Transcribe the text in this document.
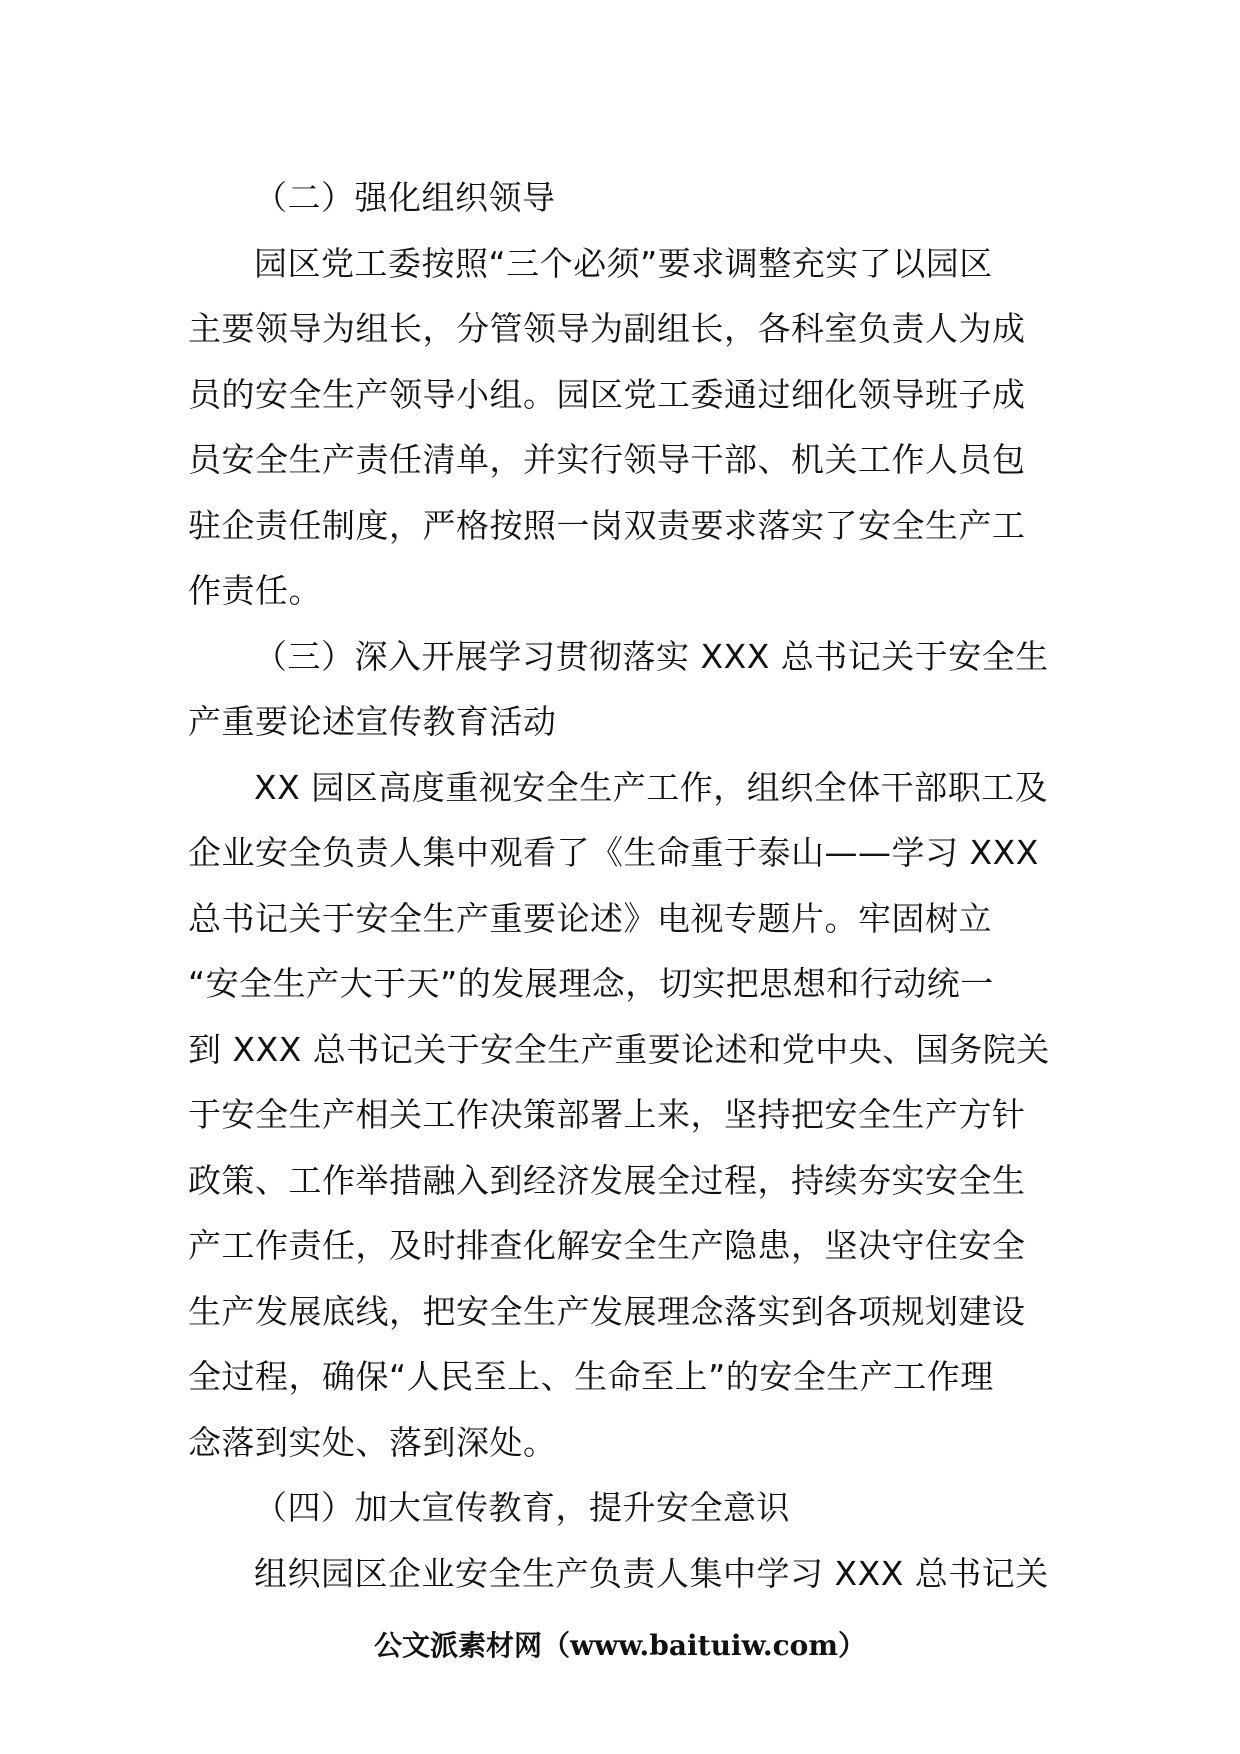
（二）强化组织领导
园区党工委按照“三个必须”要求调整充实了以园区
主要领导为组长，分管领导为副组长，各科室负责人为成
员的安全生产领导小组。园区党工委通过细化领导班子成
员安全生产责任清单，并实行领导干部、机关工作人员包
驻企责任制度，严格按照一岗双责要求落实了安全生产工
作责任。
（三）深入开展学习贯彻落实 XXX 总书记关于安全生
产重要论述宣传教育活动
XX 园区高度重视安全生产工作，组织全体干部职工及
企业安全负责人集中观看了《生命重于泰山——学习 XXX
总书记关于安全生产重要论述》电视专题片。牢固树立
“安全生产大于天”的发展理念，切实把思想和行动统一
到 XXX 总书记关于安全生产重要论述和党中央、国务院关
于安全生产相关工作决策部署上来，坚持把安全生产方针
政策、工作举措融入到经济发展全过程，持续夯实安全生
产工作责任，及时排查化解安全生产隐患，坚决守住安全
生产发展底线，把安全生产发展理念落实到各项规划建设
全过程，确保“人民至上、生命至上”的安全生产工作理
念落到实处、落到深处。
（四）加大宣传教育，提升安全意识
组织园区企业安全生产负责人集中学习 XXX 总书记关
公文派素材网（www.baituiw.com）
